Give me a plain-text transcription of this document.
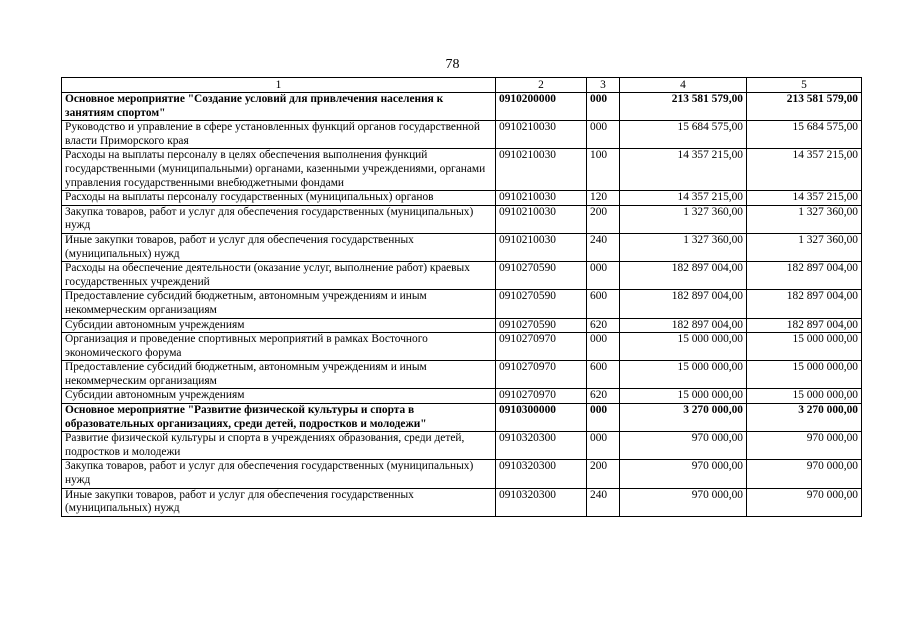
78
1	2	3	4	5
Основное мероприятие "Создание условий для привлечения населения к занятиям спортом"	0910200000	000	213 581 579,00	213 581 579,00
Руководство и управление в сфере установленных функций органов государственной власти Приморского края	0910210030	000	15 684 575,00	15 684 575,00
Расходы на выплаты персоналу в целях обеспечения выполнения функций государственными (муниципальными) органами, казенными учреждениями, органами управления государственными внебюджетными фондами	0910210030	100	14 357 215,00	14 357 215,00
Расходы на выплаты персоналу государственных (муниципальных) органов	0910210030	120	14 357 215,00	14 357 215,00
Закупка товаров, работ и услуг для обеспечения государственных (муниципальных) нужд	0910210030	200	1 327 360,00	1 327 360,00
Иные закупки товаров, работ и услуг для обеспечения государственных (муниципальных) нужд	0910210030	240	1 327 360,00	1 327 360,00
Расходы на обеспечение деятельности (оказание услуг, выполнение работ) краевых государственных учреждений	0910270590	000	182 897 004,00	182 897 004,00
Предоставление субсидий бюджетным, автономным учреждениям и иным некоммерческим организациям	0910270590	600	182 897 004,00	182 897 004,00
Субсидии автономным учреждениям	0910270590	620	182 897 004,00	182 897 004,00
Организация и проведение спортивных мероприятий в рамках Восточного экономического форума	0910270970	000	15 000 000,00	15 000 000,00
Предоставление субсидий бюджетным, автономным учреждениям и иным некоммерческим организациям	0910270970	600	15 000 000,00	15 000 000,00
Субсидии автономным учреждениям	0910270970	620	15 000 000,00	15 000 000,00
Основное мероприятие "Развитие физической культуры и спорта в образовательных организациях, среди детей, подростков и молодежи"	0910300000	000	3 270 000,00	3 270 000,00
Развитие физической культуры и спорта в учреждениях образования, среди детей, подростков и молодежи	0910320300	000	970 000,00	970 000,00
Закупка товаров, работ и услуг для обеспечения государственных (муниципальных) нужд	0910320300	200	970 000,00	970 000,00
Иные закупки товаров, работ и услуг для обеспечения государственных (муниципальных) нужд	0910320300	240	970 000,00	970 000,00
